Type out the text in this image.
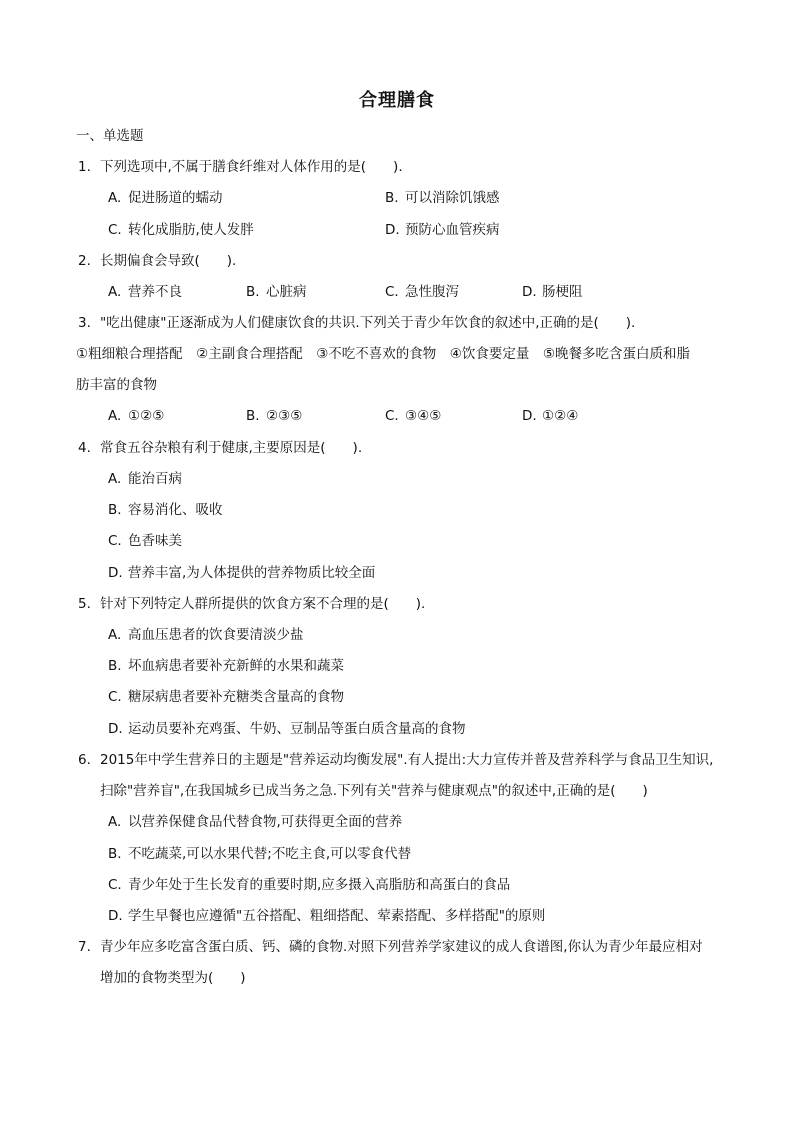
合理膳食
一、单选题
1. 下列选项中,不属于膳食纤维对人体作用的是(　　).
A. 促进肠道的蠕动	B. 可以消除饥饿感
C. 转化成脂肪,使人发胖	D. 预防心血管疾病
2. 长期偏食会导致(　　).
A. 营养不良	B. 心脏病	C. 急性腹泻	D. 肠梗阻
3. "吃出健康"正逐渐成为人们健康饮食的共识.下列关于青少年饮食的叙述中,正确的是(　　).
①粗细粮合理搭配　②主副食合理搭配　③不吃不喜欢的食物　④饮食要定量　⑤晚餐多吃含蛋白质和脂
肪丰富的食物
A. ①②⑤	B. ②③⑤	C. ③④⑤	D. ①②④
4. 常食五谷杂粮有利于健康,主要原因是(　　).
A. 能治百病
B. 容易消化、吸收
C. 色香味美
D. 营养丰富,为人体提供的营养物质比较全面
5. 针对下列特定人群所提供的饮食方案不合理的是(　　).
A. 高血压患者的饮食要清淡少盐
B. 坏血病患者要补充新鲜的水果和蔬菜
C. 糖尿病患者要补充糖类含量高的食物
D. 运动员要补充鸡蛋、牛奶、豆制品等蛋白质含量高的食物
6. 2015年中学生营养日的主题是"营养运动均衡发展".有人提出:大力宣传并普及营养科学与食品卫生知识,
扫除"营养盲",在我国城乡已成当务之急.下列有关"营养与健康观点"的叙述中,正确的是(　　)
A. 以营养保健食品代替食物,可获得更全面的营养
B. 不吃蔬菜,可以水果代替;不吃主食,可以零食代替
C. 青少年处于生长发育的重要时期,应多摄入高脂肪和高蛋白的食品
D. 学生早餐也应遵循"五谷搭配、粗细搭配、荤素搭配、多样搭配"的原则
7. 青少年应多吃富含蛋白质、钙、磷的食物.对照下列营养学家建议的成人食谱图,你认为青少年最应相对
增加的食物类型为(　　)
